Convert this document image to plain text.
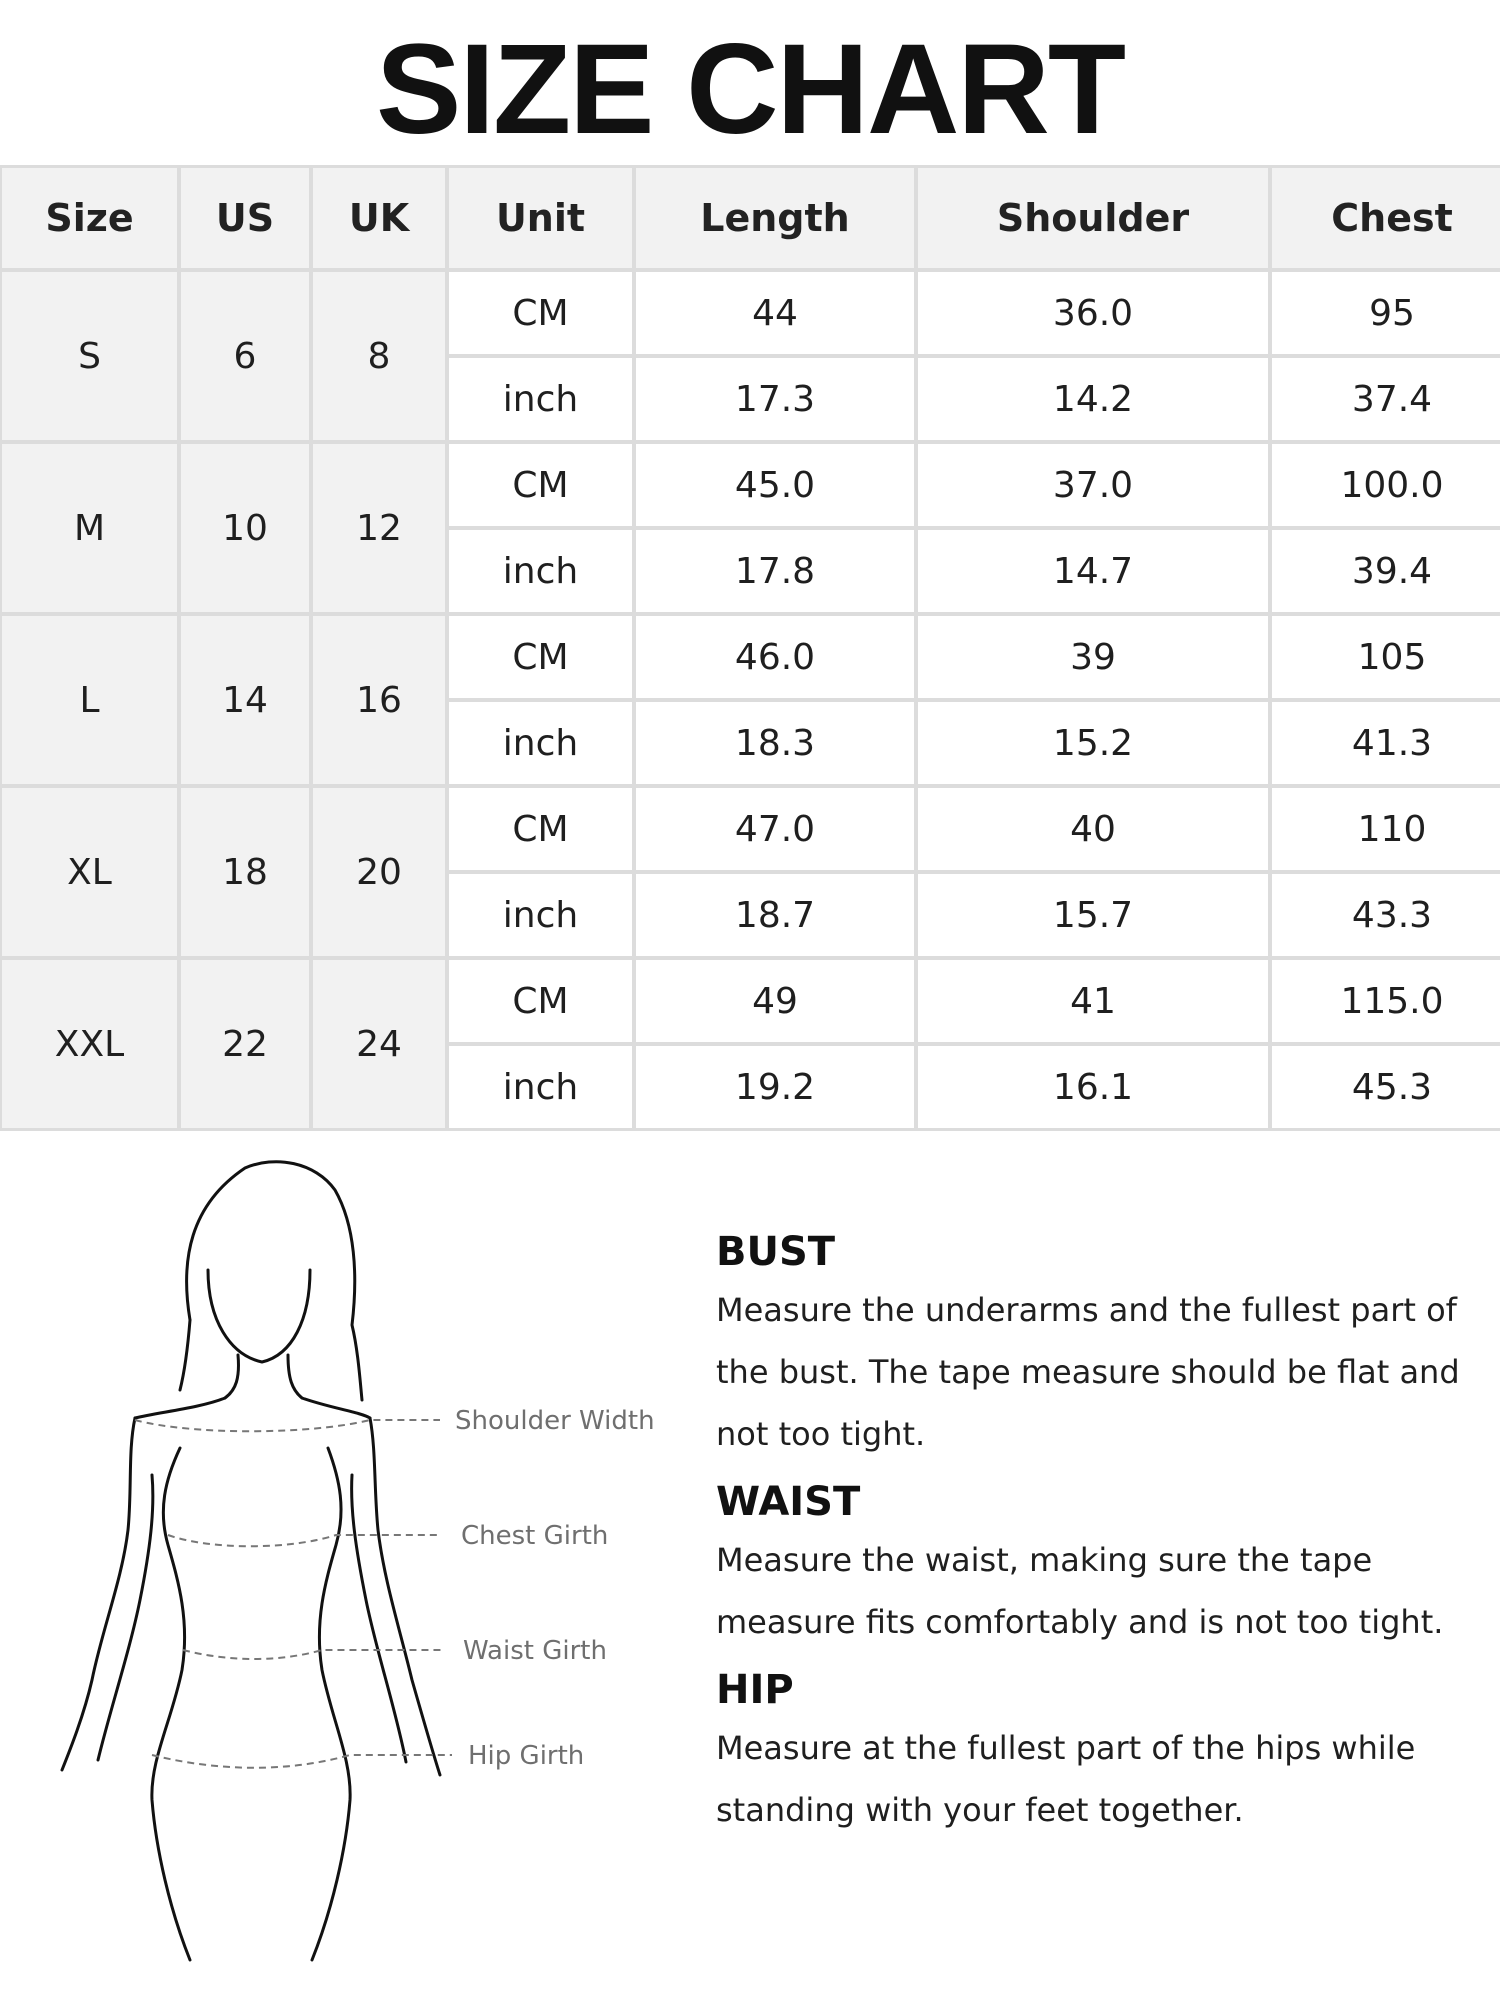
SIZE CHART
Size	US	UK	Unit	Length	Shoulder	Chest
S	6	8	CM	44	36.0	95
			inch	17.3	14.2	37.4
M	10	12	CM	45.0	37.0	100.0
			inch	17.8	14.7	39.4
L	14	16	CM	46.0	39	105
			inch	18.3	15.2	41.3
XL	18	20	CM	47.0	40	110
			inch	18.7	15.7	43.3
XXL	22	24	CM	49	41	115.0
			inch	19.2	16.1	45.3
Shoulder Width
Chest Girth
Waist Girth
Hip Girth
BUST

Measure the underarms and the fullest part of the bust. The tape measure should be flat and not too tight.

WAIST

Measure the waist, making sure the tape measure fits comfortably and is not too tight.

HIP

Measure at the fullest part of the hips while standing with your feet together.
